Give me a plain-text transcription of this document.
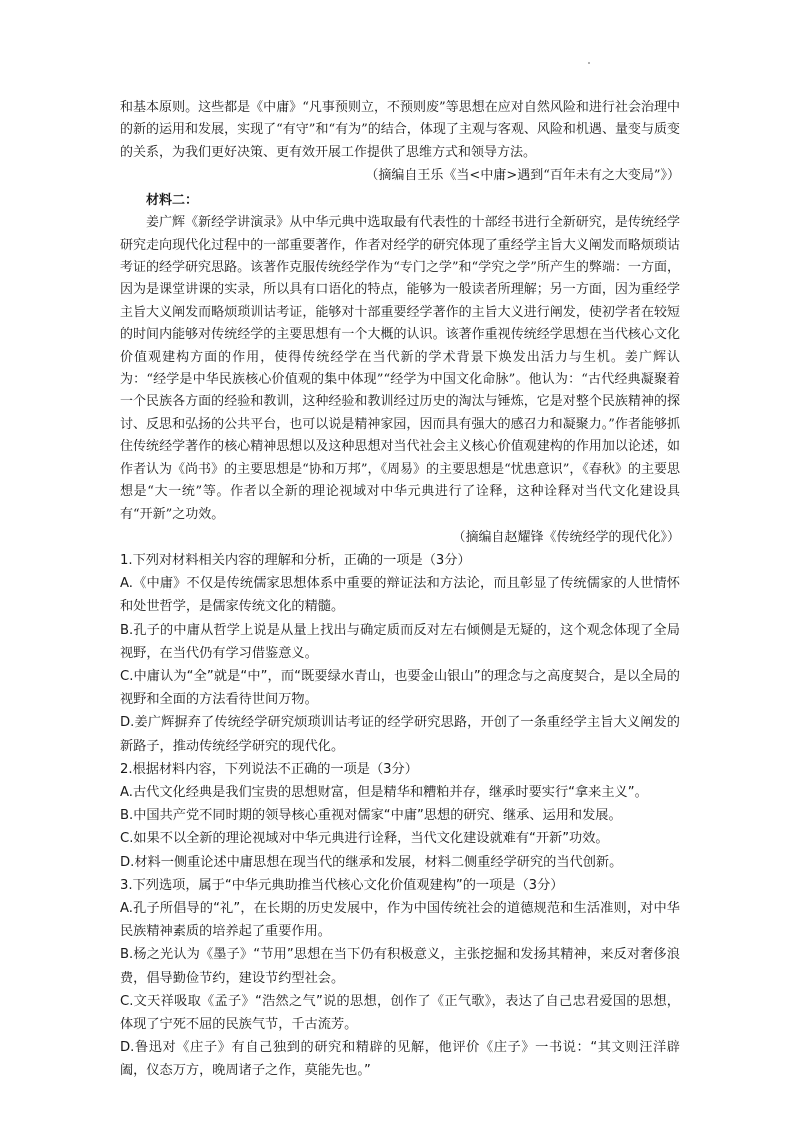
和基本原则。这些都是《中庸》“凡事预则立，不预则废”等思想在应对自然风险和进行社会治理中的新的运用和发展，实现了“有守”和“有为”的结合，体现了主观与客观、风险和机遇、量变与质变的关系，为我们更好决策、更有效开展工作提供了思维方式和领导方法。

（摘编自王乐《当<中庸>遇到“百年未有之大变局”》）

材料二：

姜广辉《新经学讲演录》从中华元典中选取最有代表性的十部经书进行全新研究，是传统经学研究走向现代化过程中的一部重要著作，作者对经学的研究体现了重经学主旨大义阐发而略烦琐诂考证的经学研究思路。该著作克服传统经学作为“专门之学”和“学究之学”所产生的弊端：一方面，因为是课堂讲课的实录，所以具有口语化的特点，能够为一般读者所理解；另一方面，因为重经学主旨大义阐发而略烦琐训诂考证，能够对十部重要经学著作的主旨大义进行阐发，使初学者在较短的时间内能够对传统经学的主要思想有一个大概的认识。该著作重视传统经学思想在当代核心文化价值观建构方面的作用，使得传统经学在当代新的学术背景下焕发出活力与生机。姜广辉认为：“经学是中华民族核心价值观的集中体现”“经学为中国文化命脉”。他认为：“古代经典凝聚着一个民族各方面的经验和教训，这种经验和教训经过历史的淘汰与锤炼，它是对整个民族精神的探讨、反思和弘扬的公共平台，也可以说是精神家园，因而具有强大的感召力和凝聚力。”作者能够抓住传统经学著作的核心精神思想以及这种思想对当代社会主义核心价值观建构的作用加以论述，如作者认为《尚书》的主要思想是“协和万邦”，《周易》的主要思想是“忧患意识”，《春秋》的主要思想是“大一统”等。作者以全新的理论视域对中华元典进行了诠释，这种诠释对当代文化建设具有“开新”之功效。

（摘编自赵耀锋《传统经学的现代化》）

1.下列对材料相关内容的理解和分析，正确的一项是（3分）

A.《中庸》不仅是传统儒家思想体系中重要的辩证法和方法论，而且彰显了传统儒家的人世情怀和处世哲学，是儒家传统文化的精髓。

B.孔子的中庸从哲学上说是从量上找出与确定质而反对左右倾侧是无疑的，这个观念体现了全局视野，在当代仍有学习借鉴意义。

C.中庸认为“全”就是“中”，而“既要绿水青山，也要金山银山”的理念与之高度契合，是以全局的视野和全面的方法看待世间万物。

D.姜广辉摒弃了传统经学研究烦琐训诂考证的经学研究思路，开创了一条重经学主旨大义阐发的新路子，推动传统经学研究的现代化。

2.根据材料内容，下列说法不正确的一项是（3分）

A.古代文化经典是我们宝贵的思想财富，但是精华和糟粕并存，继承时要实行“拿来主义”。

B.中国共产党不同时期的领导核心重视对儒家“中庸”思想的研究、继承、运用和发展。

C.如果不以全新的理论视域对中华元典进行诠释，当代文化建设就难有“开新”功效。

D.材料一侧重论述中庸思想在现当代的继承和发展，材料二侧重经学研究的当代创新。

3.下列选项，属于“中华元典助推当代核心文化价值观建构”的一项是（3分）

A.孔子所倡导的“礼”，在长期的历史发展中，作为中国传统社会的道德规范和生活准则，对中华民族精神素质的培养起了重要作用。

B.杨之光认为《墨子》“节用”思想在当下仍有积极意义，主张挖掘和发扬其精神，来反对奢侈浪费，倡导勤俭节约，建设节约型社会。

C.文天祥吸取《孟子》“浩然之气”说的思想，创作了《正气歌》，表达了自己忠君爱国的思想，体现了宁死不屈的民族气节，千古流芳。

D.鲁迅对《庄子》有自己独到的研究和精辟的见解，他评价《庄子》一书说：“其文则汪洋辟阖，仪态万方，晚周诸子之作，莫能先也。”
